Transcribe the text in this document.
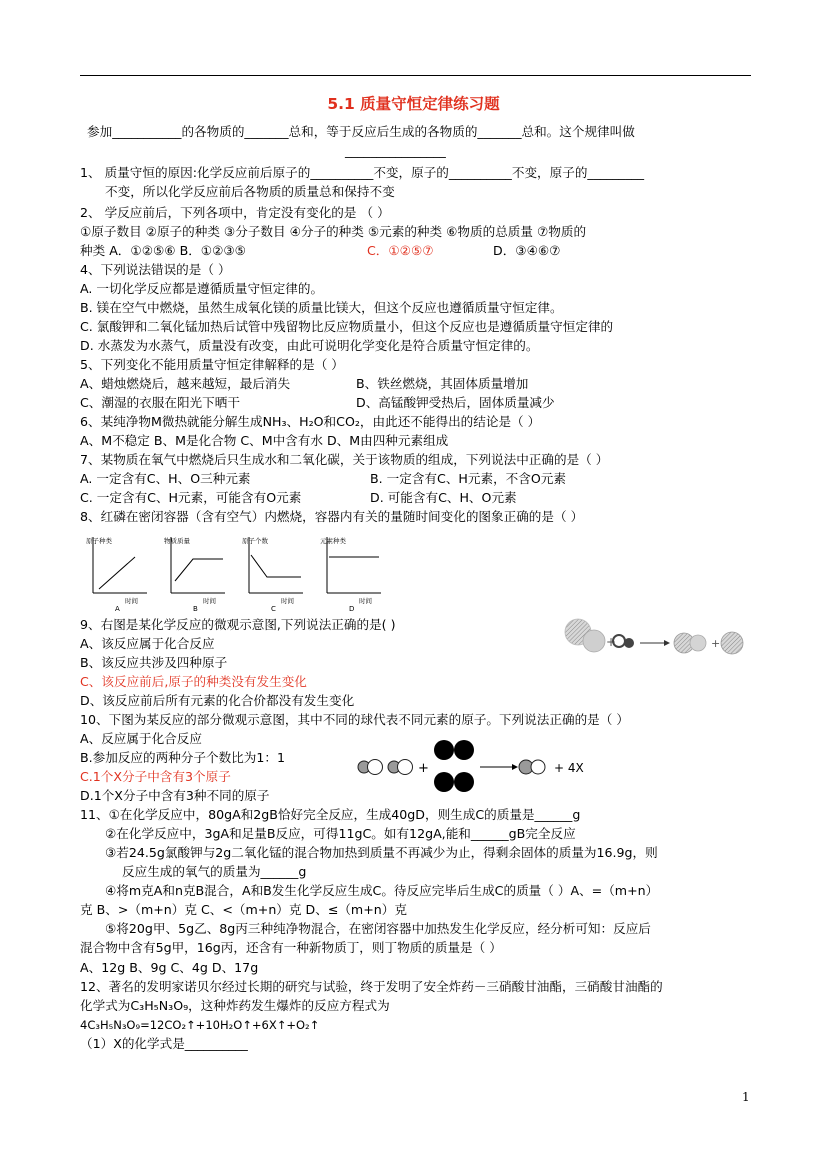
5.1 质量守恒定律练习题
参加___________的各物质的_______总和，等于反应后生成的各物质的_______总和。这个规律叫做
________________
1、 质量守恒的原因:化学反应前后原子的__________不变，原子的__________不变，原子的_________
不变，所以化学反应前后各物质的质量总和保持不变
2、 学反应前后，下列各项中，肯定没有变化的是 （ ）
①原子数目 ②原子的种类 ③分子数目 ④分子的种类 ⑤元素的种类 ⑥物质的总质量 ⑦物质的
种类 A．①②⑤⑥ B．①②③⑤	C．①②⑤⑦	D．③④⑥⑦
4、下列说法错误的是（ ）
A. 一切化学反应都是遵循质量守恒定律的。
B. 镁在空气中燃烧，虽然生成氧化镁的质量比镁大，但这个反应也遵循质量守恒定律。
C. 氯酸钾和二氧化锰加热后试管中残留物比反应物质量小，但这个反应也是遵循质量守恒定律的
D. 水蒸发为水蒸气，质量没有改变，由此可说明化学变化是符合质量守恒定律的。
5、下列变化不能用质量守恒定律解释的是（ ）
A、蜡烛燃烧后，越来越短，最后消失	B、铁丝燃烧，其固体质量增加
C、潮湿的衣服在阳光下晒干	D、高锰酸钾受热后，固体质量减少
6、某纯净物M微热就能分解生成NH₃、H₂O和CO₂，由此还不能得出的结论是（ ）
A、M不稳定 B、M是化合物 C、M中含有水 D、M由四种元素组成
7、某物质在氧气中燃烧后只生成水和二氧化碳，关于该物质的组成，下列说法中正确的是（ ）
A. 一定含有C、H、O三种元素	B. 一定含有C、H元素，不含O元素
C. 一定含有C、H元素，可能含有O元素	D. 可能含有C、H、O元素
8、红磷在密闭容器（含有空气）内燃烧，容器内有关的量随时间变化的图象正确的是（ ）
原子种类
时间
A
物质质量
时间
B
原子个数
时间
C
元素种类
时间
D
9、右图是某化学反应的微观示意图,下列说法正确的是( )
A、该反应属于化合反应
B、该反应共涉及四种原子
C、该反应前后,原子的种类没有发生变化
D、该反应前后所有元素的化合价都没有发生变化
+	+
10、下图为某反应的部分微观示意图，其中不同的球代表不同元素的原子。下列说法正确的是（ ）
A、反应属于化合反应
B.参加反应的两种分子个数比为1：1
C.1个X分子中含有3个原子
D.1个X分子中含有3种不同的原子
+	+ 4X
11、①在化学反应中，80gA和2gB恰好完全反应，生成40gD，则生成C的质量是______g
②在化学反应中，3gA和足量B反应，可得11gC。如有12gA,能和______gB完全反应
③若24.5g氯酸钾与2g二氧化锰的混合物加热到质量不再减少为止，得剩余固体的质量为16.9g，则
反应生成的氧气的质量为______g
④将m克A和n克B混合，A和B发生化学反应生成C。待反应完毕后生成C的质量（ ）A、=（m+n）
克 B、>（m+n）克 C、<（m+n）克 D、≤（m+n）克
⑤将20g甲、5g乙、8g丙三种纯净物混合，在密闭容器中加热发生化学反应，经分析可知：反应后
混合物中含有5g甲，16g丙，还含有一种新物质丁，则丁物质的质量是（ ）
A、12g B、9g C、4g D、17g
12、著名的发明家诺贝尔经过长期的研究与试验，终于发明了安全炸药－三硝酸甘油酯，三硝酸甘油酯的
化学式为C₃H₅N₃O₉，这种炸药发生爆炸的反应方程式为
4C₃H₅N₃O₉=12CO₂↑+10H₂O↑+6X↑+O₂↑
（1）X的化学式是__________
1
